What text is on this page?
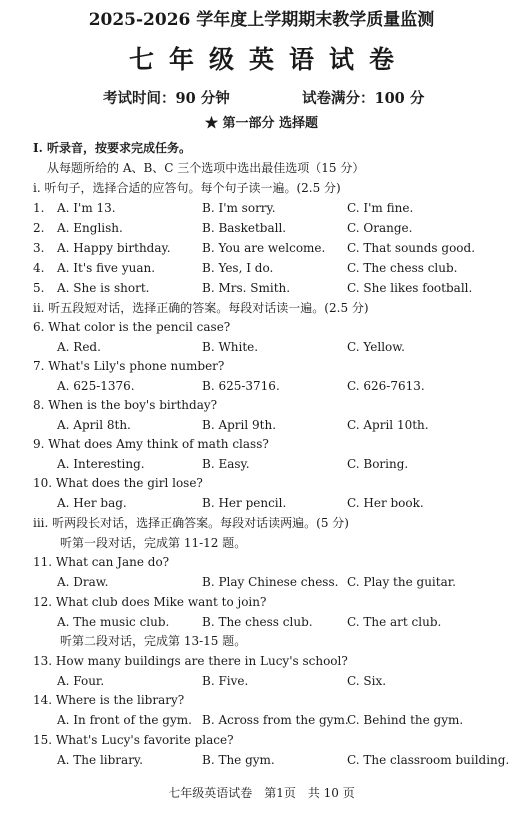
2025-2026 学年度上学期期末教学质量监测
七年级英语试卷
考试时间：90 分钟	试卷满分：100 分
★ 第一部分 选择题
I. 听录音，按要求完成任务。
从每题所给的 A、B、C 三个选项中选出最佳选项（15 分）
i. 听句子，选择合适的应答句。每个句子读一遍。(2.5 分)
1. A. I'm 13.	B. I'm sorry.	C. I'm fine.
2. A. English.	B. Basketball.	C. Orange.
3. A. Happy birthday.	B. You are welcome. C. That sounds good.
4. A. It's five yuan.	B. Yes, I do.	C. The chess club.
5. A. She is short.	B. Mrs. Smith.	C. She likes football.
ii. 听五段短对话，选择正确的答案。每段对话读一遍。(2.5 分)
6. What color is the pencil case?
A. Red.	B. White.	C. Yellow.
7. What's Lily's phone number?
A. 625-1376.	B. 625-3716.	C. 626-7613.
8. When is the boy's birthday?
A. April 8th.	B. April 9th.	C. April 10th.
9. What does Amy think of math class?
A. Interesting.	B. Easy.	C. Boring.
10. What does the girl lose?
A. Her bag.	B. Her pencil.	C. Her book.
iii. 听两段长对话，选择正确答案。每段对话读两遍。(5 分)
听第一段对话，完成第 11-12 题。
11. What can Jane do?
A. Draw.	B. Play Chinese chess. C. Play the guitar.
12. What club does Mike want to join?
A. The music club.	B. The chess club.	C. The art club.
听第二段对话，完成第 13-15 题。
13. How many buildings are there in Lucy's school?
A. Four.	B. Five.	C. Six.
14. Where is the library?
A. In front of the gym. B. Across from the gym.
C. Behind the gym.
15. What's Lucy's favorite place?
A. The library.	B. The gym.	C. The classroom building.
七年级英语试卷　第1页　共 10 页
